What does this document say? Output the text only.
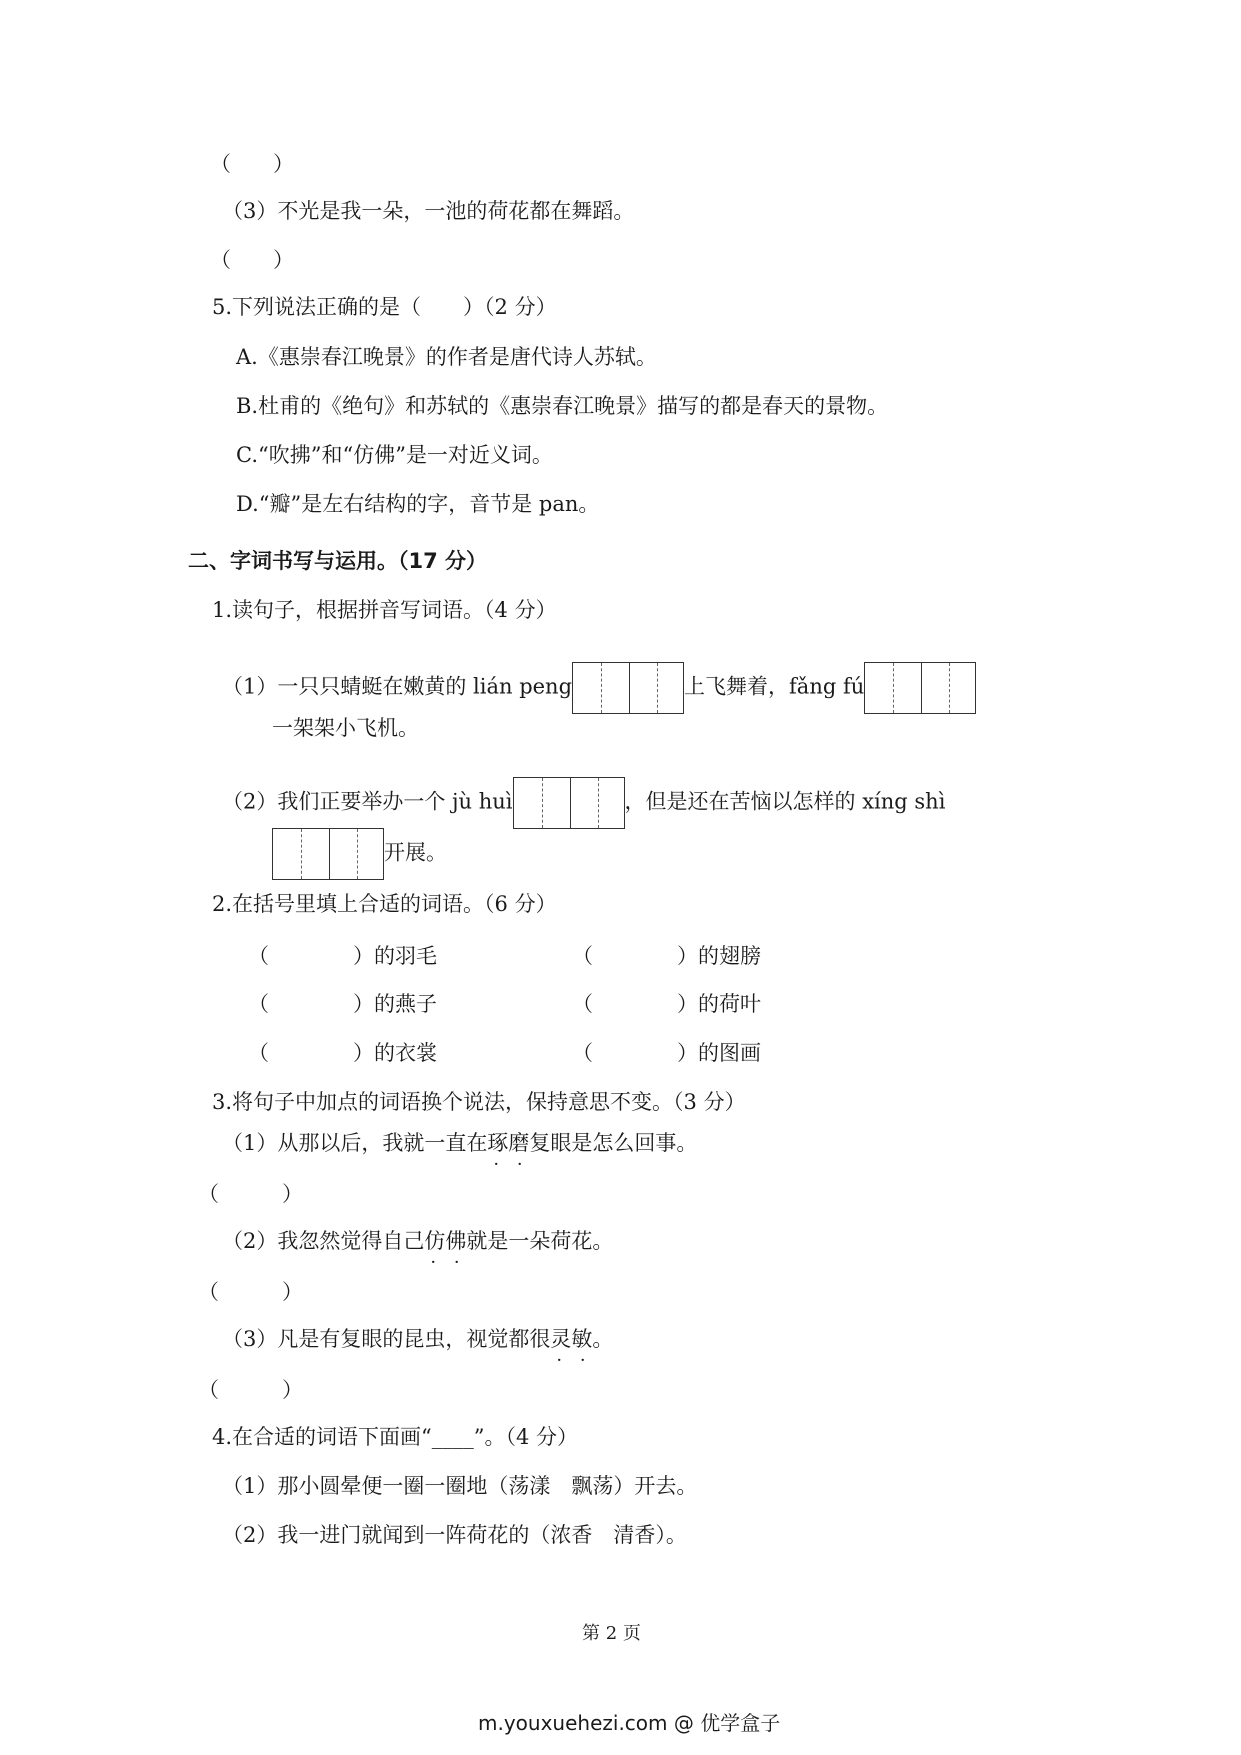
（　　）
（3）不光是我一朵，一池的荷花都在舞蹈。
（　　）
5.下列说法正确的是（　　）（2 分）
A.《惠崇春江晚景》的作者是唐代诗人苏轼。
B.杜甫的《绝句》和苏轼的《惠崇春江晚景》描写的都是春天的景物。
C.“吹拂”和“仿佛”是一对近义词。
D.“瓣”是左右结构的字，音节是 pan。
二、字词书写与运用。（17 分）
1.读句子，根据拼音写词语。（4 分）
（1）一只只蜻蜓在嫩黄的 lián peng	上飞舞着，fǎng fú
一架架小飞机。
（2）我们正要举办一个 jù huì	，但是还在苦恼以怎样的 xíng shì
开展。
2.在括号里填上合适的词语。（6 分）
（　　　　）的羽毛	（　　　　）的翅膀
（　　　　）的燕子	（　　　　）的荷叶
（　　　　）的衣裳	（　　　　）的图画
3.将句子中加点的词语换个说法，保持意思不变。（3 分）
（1）从那以后，我就一直在琢磨 · ·复眼是怎么回事。
（　　　）
（2）我忽然觉得自己仿佛 · ·就是一朵荷花。
（　　　）
（3）凡是有复眼的昆虫，视觉都很灵敏 · ·。
（　　　）
4.在合适的词语下面画“____”。（4 分）
（1）那小圆晕便一圈一圈地（荡漾　飘荡）开去。
（2）我一进门就闻到一阵荷花的（浓香　清香）。
第 2 页
m.youxuehezi.com @ 优学盒子
